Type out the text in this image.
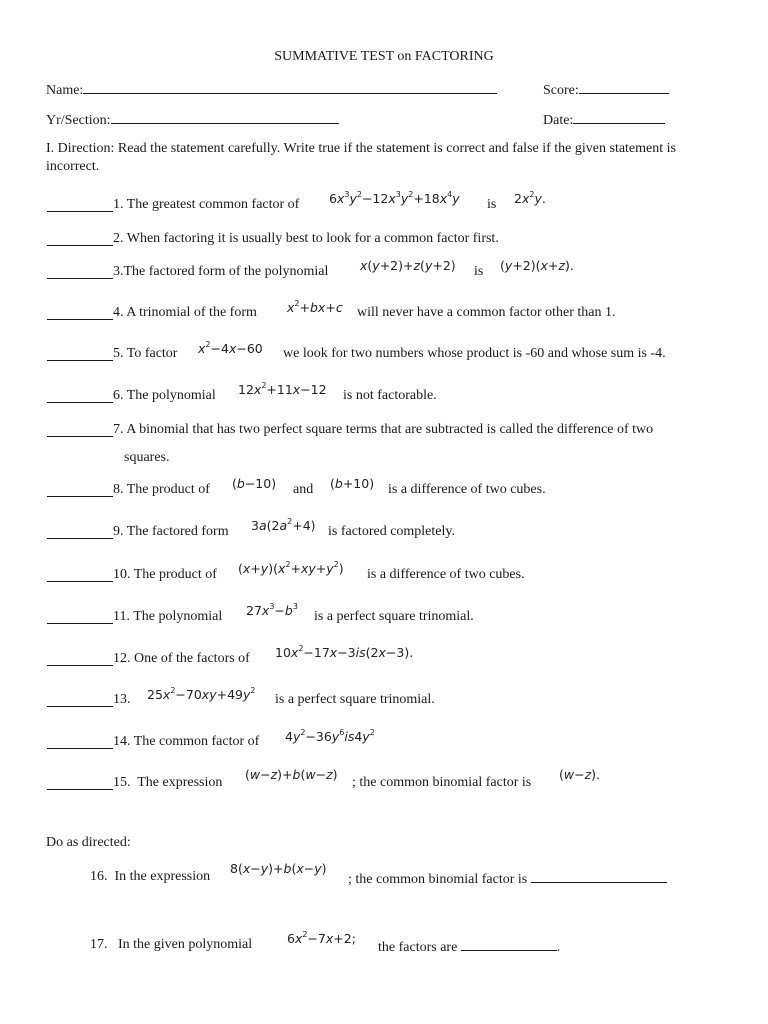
SUMMATIVE TEST on FACTORING
Name:	Score:
Yr/Section:	Date:
I. Direction: Read the statement carefully. Write true if the statement is correct and false if the given statement is incorrect.
1. The greatest common factor of $6x^3y^2-12x^3y^2+18x^4y$ is $2x^2y$.
2. When factoring it is usually best to look for a common factor first.
3.The factored form of the polynomial	x(y+2)+z(y+2) is (y+2)(x+z).
4. A trinomial of the form $x^2+bx+c$ will never have a common factor other than 1.
5. To factor $x^2-4x-60$ we look for two numbers whose product is -60 and whose sum is -4.
6. The polynomial $12x^2+11x-12$ is not factorable.
7. A binomial that has two perfect square terms that are subtracted is called the difference of two
squares.
8. The product of (b−10) and (b+10) is a difference of two cubes.
9. The factored form $3a(2a^2+4)$ is factored completely.
10. The product of $(x+y)(x^2+xy+y^2)$ is a difference of two cubes.
11. The polynomial $27x^3-b^3$
is a perfect square trinomial.
12. One of the factors of $10x^2-17x-3is(2x-3)$.
13. $25x^2-70xy+49y^2$
is a perfect square trinomial.
14. The common factor of $4y^2-36y^6is4y^2$
15. The expression
(w−z)+b(w−z)
; the common binomial factor is
(w−z).
Do as directed:
16. In the expression
8(x−y)+b(x−y)
; the common binomial factor is
17. In the given polynomial	$6x^2-7x+2$;
the factors are	.
